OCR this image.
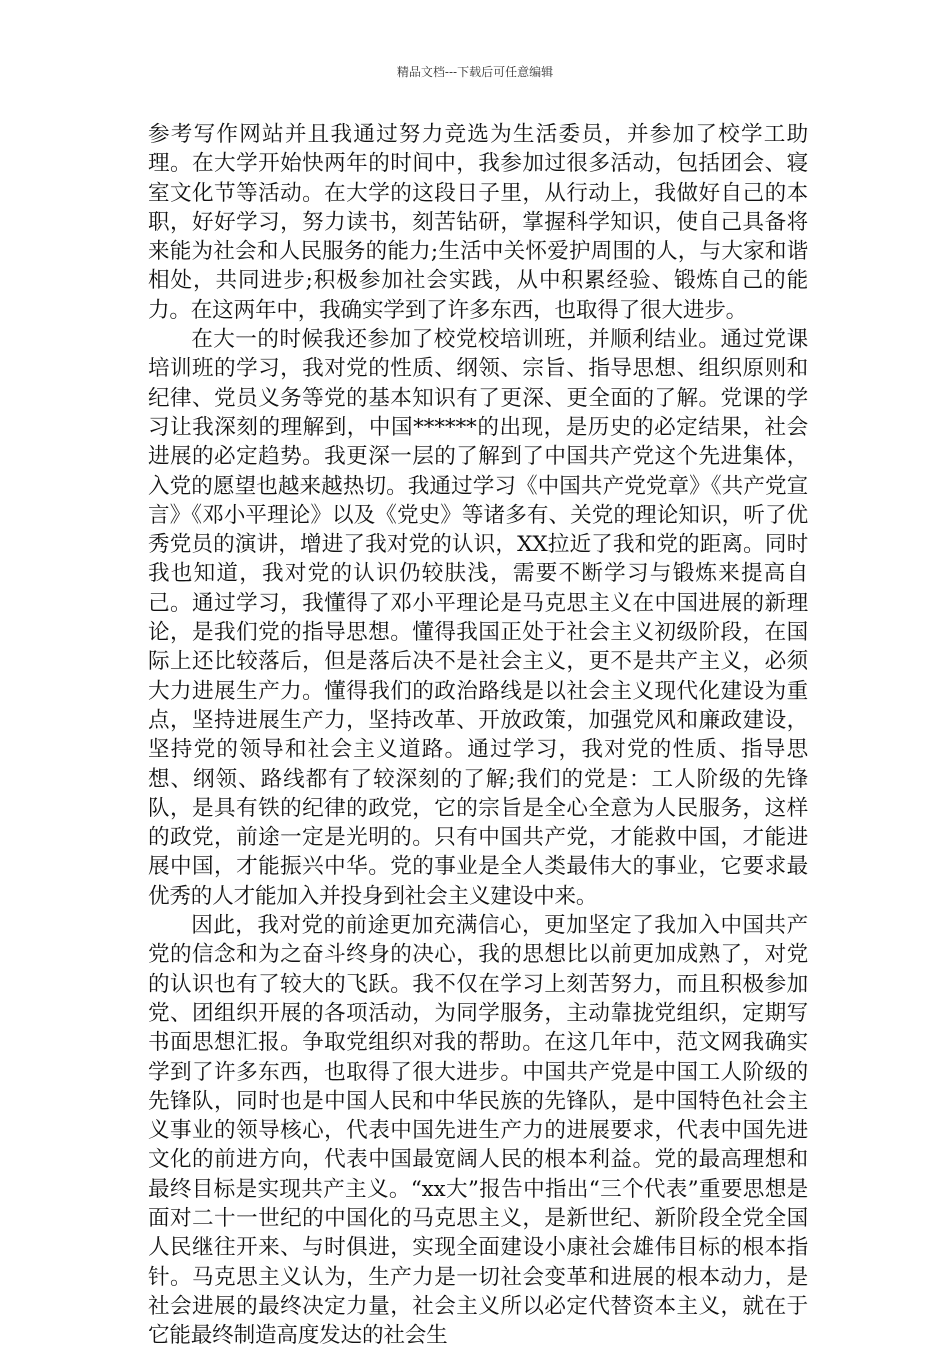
精品文档---下载后可任意编辑

参考写作网站并且我通过努力竞选为生活委员，并参加了校学工助理。在大学开始快两年的时间中，我参加过很多活动，包括团会、寝室文化节等活动。在大学的这段日子里，从行动上，我做好自己的本职，好好学习，努力读书，刻苦钻研，掌握科学知识，使自己具备将来能为社会和人民服务的能力;生活中关怀爱护周围的人，与大家和谐相处，共同进步;积极参加社会实践，从中积累经验、锻炼自己的能力。在这两年中，我确实学到了许多东西，也取得了很大进步。

在大一的时候我还参加了校党校培训班，并顺利结业。通过党课培训班的学习，我对党的性质、纲领、宗旨、指导思想、组织原则和纪律、党员义务等党的基本知识有了更深、更全面的了解。党课的学习让我深刻的理解到，中国******的出现，是历史的必定结果，社会进展的必定趋势。我更深一层的了解到了中国共产党这个先进集体，入党的愿望也越来越热切。我通过学习《中国共产党党章》《共产党宣言》《邓小平理论》以及《党史》等诸多有、关党的理论知识，听了优秀党员的演讲，增进了我对党的认识，XX拉近了我和党的距离。同时我也知道，我对党的认识仍较肤浅，需要不断学习与锻炼来提高自己。通过学习，我懂得了邓小平理论是马克思主义在中国进展的新理论，是我们党的指导思想。懂得我国正处于社会主义初级阶段，在国际上还比较落后，但是落后决不是社会主义，更不是共产主义，必须大力进展生产力。懂得我们的政治路线是以社会主义现代化建设为重点，坚持进展生产力，坚持改革、开放政策，加强党风和廉政建设，坚持党的领导和社会主义道路。通过学习，我对党的性质、指导思想、纲领、路线都有了较深刻的了解;我们的党是：工人阶级的先锋队，是具有铁的纪律的政党，它的宗旨是全心全意为人民服务，这样的政党，前途一定是光明的。只有中国共产党，才能救中国，才能进展中国，才能振兴中华。党的事业是全人类最伟大的事业，它要求最优秀的人才能加入并投身到社会主义建设中来。

因此，我对党的前途更加充满信心，更加坚定了我加入中国共产党的信念和为之奋斗终身的决心，我的思想比以前更加成熟了，对党的认识也有了较大的飞跃。我不仅在学习上刻苦努力，而且积极参加党、团组织开展的各项活动，为同学服务，主动靠拢党组织，定期写书面思想汇报。争取党组织对我的帮助。在这几年中，范文网我确实学到了许多东西，也取得了很大进步。中国共产党是中国工人阶级的先锋队，同时也是中国人民和中华民族的先锋队，是中国特色社会主义事业的领导核心，代表中国先进生产力的进展要求，代表中国先进文化的前进方向，代表中国最宽阔人民的根本利益。党的最高理想和最终目标是实现共产主义。“xx大”报告中指出“三个代表”重要思想是面对二十一世纪的中国化的马克思主义，是新世纪、新阶段全党全国人民继往开来、与时俱进，实现全面建设小康社会雄伟目标的根本指针。马克思主义认为，生产力是一切社会变革和进展的根本动力，是社会进展的最终决定力量，社会主义所以必定代替资本主义，就在于它能最终制造高度发达的社会生
